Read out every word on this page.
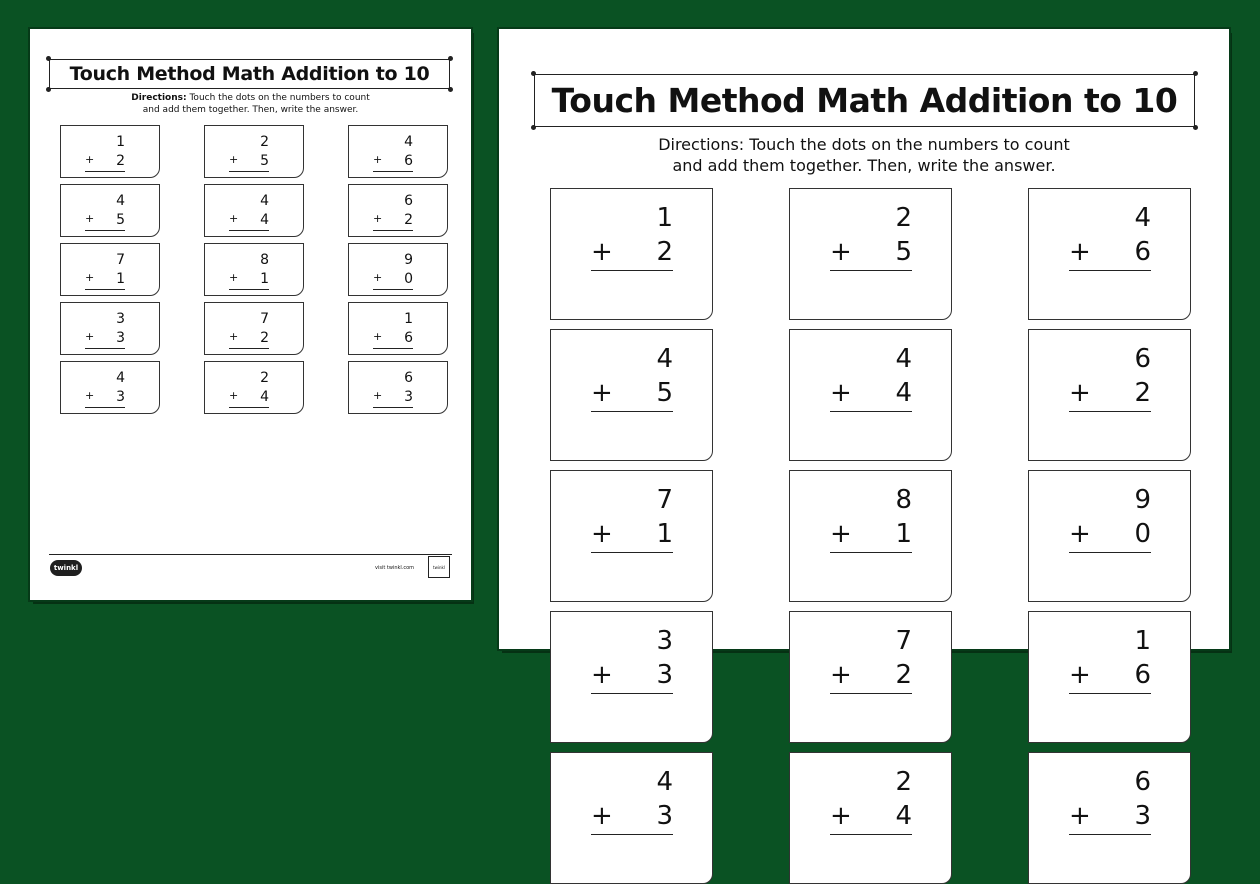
Touch Method Math Addition to 10
Directions: Touch the dots on the numbers to count
and add them together. Then, write the answer.
1
+ 2
2
+ 5
4
+ 6
4
+ 5
4
+ 4
6
+ 2
7
+ 1
8
+ 1
9
+ 0
3
+ 3
7
+ 2
1
+ 6
4
+ 3
2
+ 4
6
+ 3
twinkl	visit twinkl.com	twinkl
Touch Method Math Addition to 10
Directions: Touch the dots on the numbers to count
and add them together. Then, write the answer.
1
+ 2
2
+ 5
4
+ 6
4
+ 5
4
+ 4
6
+ 2
7
+ 1
8
+ 1
9
+ 0
3
+ 3
7
+ 2
1
+ 6
4
+ 3
2
+ 4
6
+ 3
